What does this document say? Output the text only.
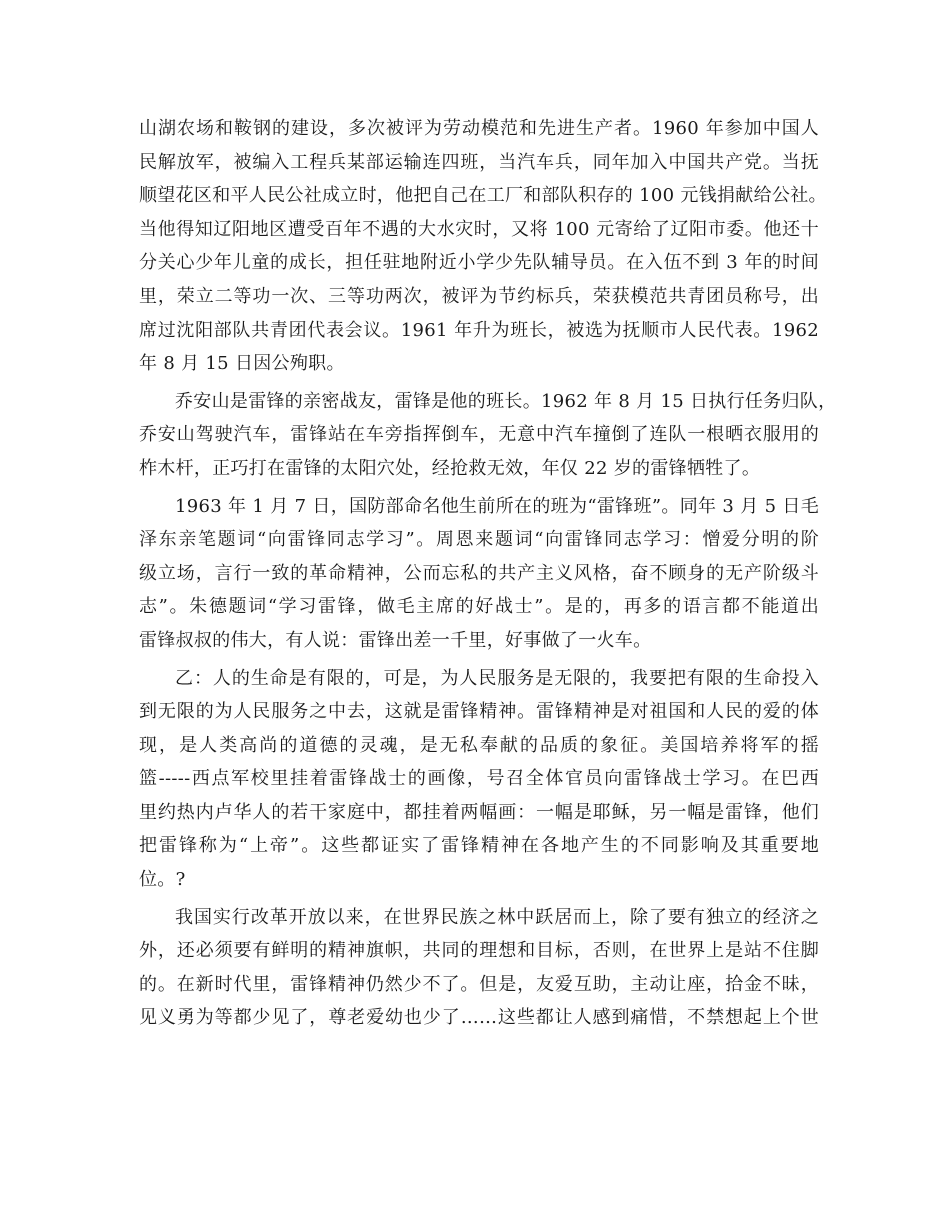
山湖农场和鞍钢的建设，多次被评为劳动模范和先进生产者。1960 年参加中国人
民解放军，被编入工程兵某部运输连四班，当汽车兵，同年加入中国共产党。当抚
顺望花区和平人民公社成立时，他把自己在工厂和部队积存的 100 元钱捐献给公社。
当他得知辽阳地区遭受百年不遇的大水灾时，又将 100 元寄给了辽阳市委。他还十
分关心少年儿童的成长，担任驻地附近小学少先队辅导员。在入伍不到 3 年的时间
里，荣立二等功一次、三等功两次，被评为节约标兵，荣获模范共青团员称号，出
席过沈阳部队共青团代表会议。1961 年升为班长，被选为抚顺市人民代表。1962
年 8 月 15 日因公殉职。
乔安山是雷锋的亲密战友，雷锋是他的班长。1962 年 8 月 15 日执行任务归队，
乔安山驾驶汽车，雷锋站在车旁指挥倒车，无意中汽车撞倒了连队一根晒衣服用的
柞木杆，正巧打在雷锋的太阳穴处，经抢救无效，年仅 22 岁的雷锋牺牲了。
1963 年 1 月 7 日，国防部命名他生前所在的班为“雷锋班”。同年 3 月 5 日毛
泽东亲笔题词“向雷锋同志学习”。周恩来题词“向雷锋同志学习：憎爱分明的阶
级立场，言行一致的革命精神，公而忘私的共产主义风格，奋不顾身的无产阶级斗
志”。朱德题词“学习雷锋，做毛主席的好战士”。是的，再多的语言都不能道出
雷锋叔叔的伟大，有人说：雷锋出差一千里，好事做了一火车。
乙：人的生命是有限的，可是，为人民服务是无限的，我要把有限的生命投入
到无限的为人民服务之中去，这就是雷锋精神。雷锋精神是对祖国和人民的爱的体
现，是人类高尚的道德的灵魂，是无私奉献的品质的象征。美国培养将军的摇
篮-----西点军校里挂着雷锋战士的画像，号召全体官员向雷锋战士学习。在巴西
里约热内卢华人的若干家庭中，都挂着两幅画：一幅是耶稣，另一幅是雷锋，他们
把雷锋称为“上帝”。这些都证实了雷锋精神在各地产生的不同影响及其重要地
位。?
我国实行改革开放以来，在世界民族之林中跃居而上，除了要有独立的经济之
外，还必须要有鲜明的精神旗帜，共同的理想和目标，否则，在世界上是站不住脚
的。在新时代里，雷锋精神仍然少不了。但是，友爱互助，主动让座，拾金不昧，
见义勇为等都少见了，尊老爱幼也少了……这些都让人感到痛惜，不禁想起上个世
